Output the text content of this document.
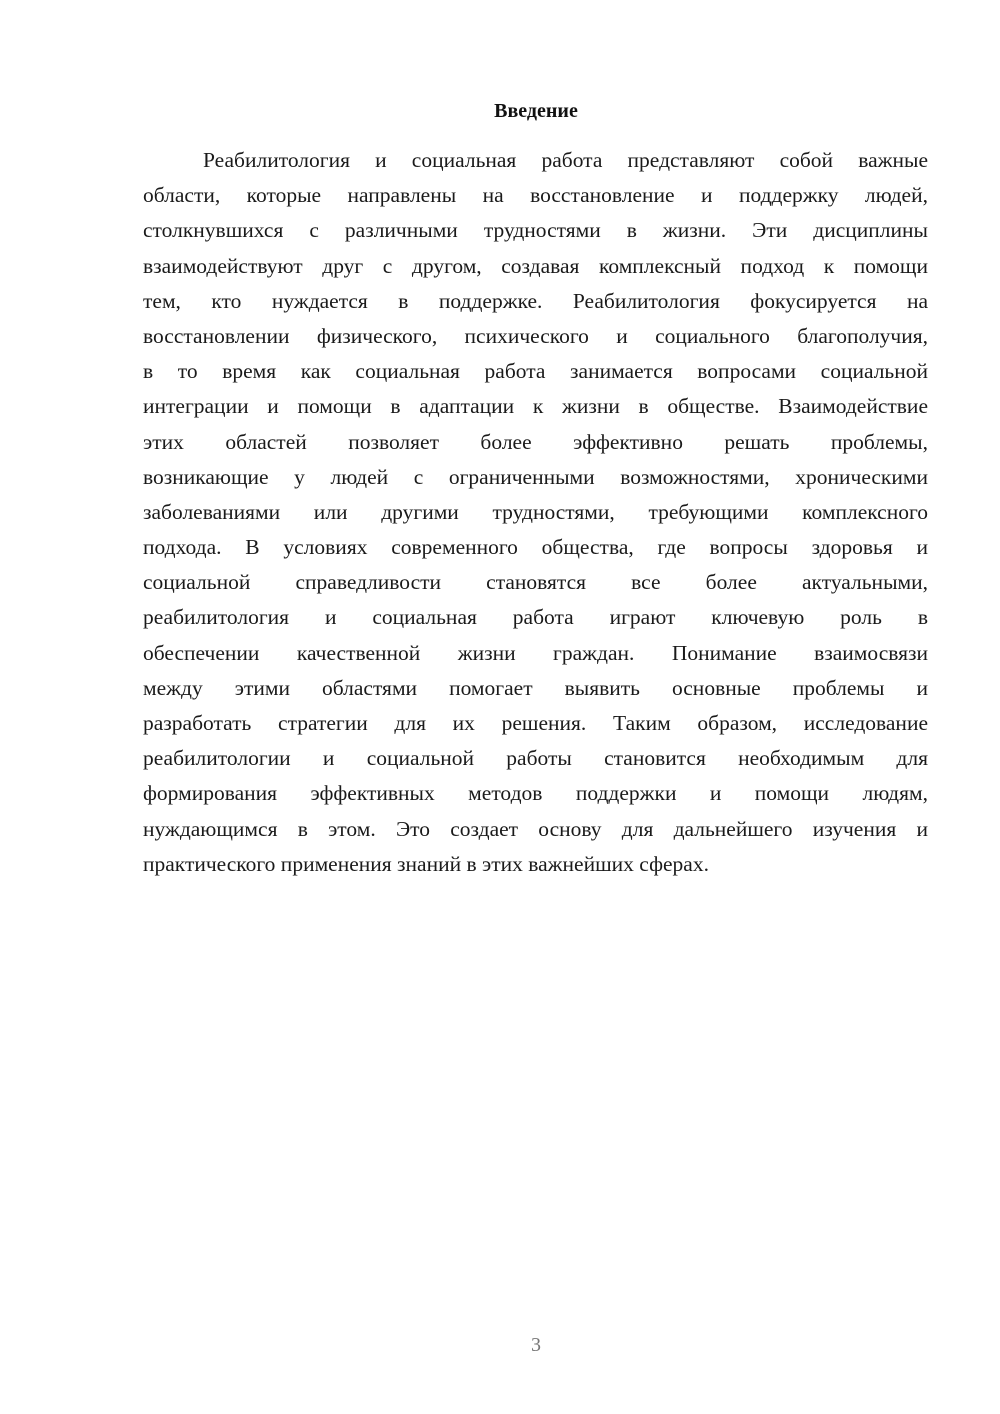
Введение
Реабилитология и социальная работа представляют собой важные
области, которые направлены на восстановление и поддержку людей,
столкнувшихся с различными трудностями в жизни. Эти дисциплины
взаимодействуют друг с другом, создавая комплексный подход к помощи
тем, кто нуждается в поддержке. Реабилитология фокусируется на
восстановлении физического, психического и социального благополучия,
в то время как социальная работа занимается вопросами социальной
интеграции и помощи в адаптации к жизни в обществе. Взаимодействие
этих областей позволяет более эффективно решать проблемы,
возникающие у людей с ограниченными возможностями, хроническими
заболеваниями или другими трудностями, требующими комплексного
подхода. В условиях современного общества, где вопросы здоровья и
социальной справедливости становятся все более актуальными,
реабилитология и социальная работа играют ключевую роль в
обеспечении качественной жизни граждан. Понимание взаимосвязи
между этими областями помогает выявить основные проблемы и
разработать стратегии для их решения. Таким образом, исследование
реабилитологии и социальной работы становится необходимым для
формирования эффективных методов поддержки и помощи людям,
нуждающимся в этом. Это создает основу для дальнейшего изучения и
практического применения знаний в этих важнейших сферах.
3
